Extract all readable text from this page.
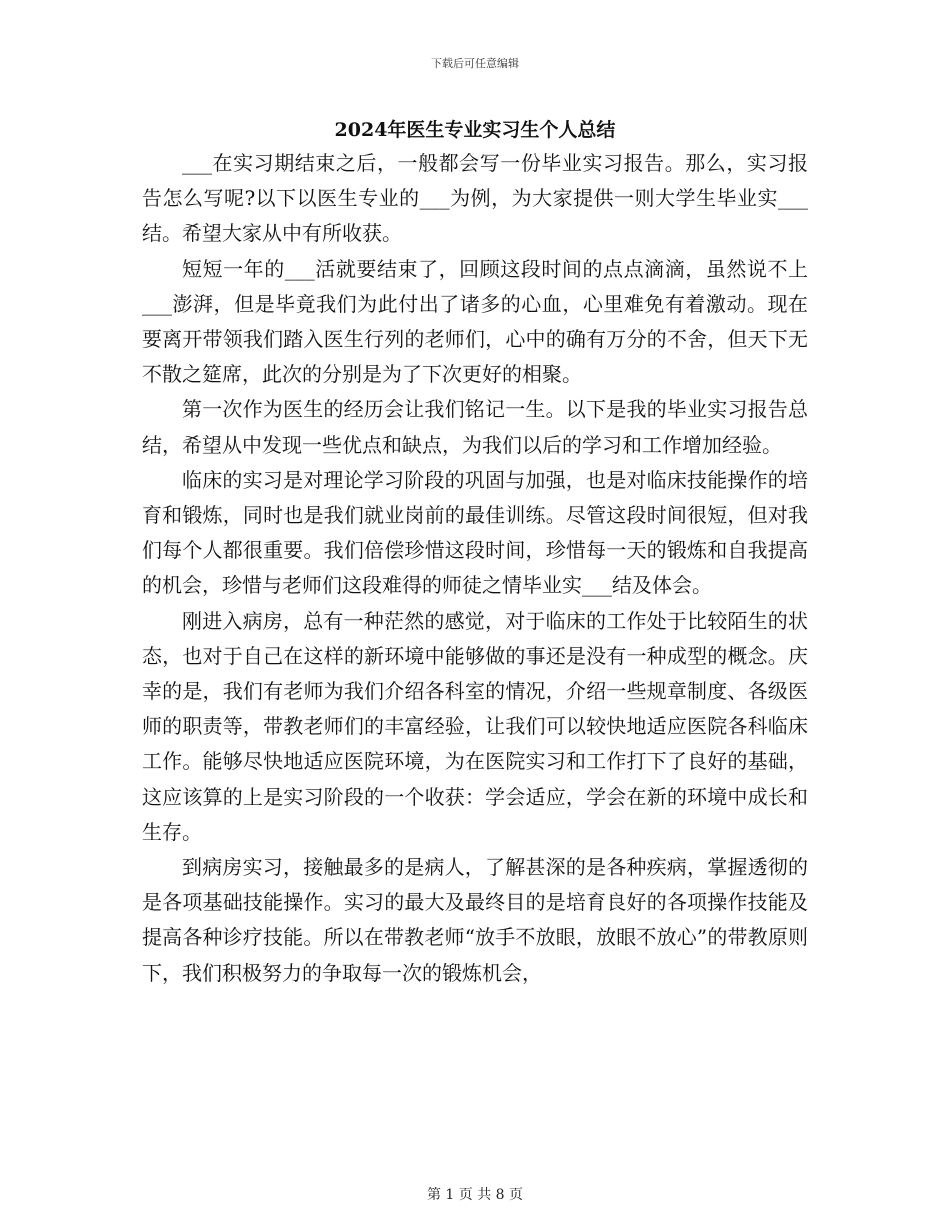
下载后可任意编辑
2024年医生专业实习生个人总结

___在实习期结束之后，一般都会写一份毕业实习报告。那么，实习报告怎么写呢?以下以医生专业的___为例，为大家提供一则大学生毕业实___结。希望大家从中有所收获。

短短一年的___活就要结束了，回顾这段时间的点点滴滴，虽然说不上___澎湃，但是毕竟我们为此付出了诸多的心血，心里难免有着激动。现在要离开带领我们踏入医生行列的老师们，心中的确有万分的不舍，但天下无不散之筵席，此次的分别是为了下次更好的相聚。

第一次作为医生的经历会让我们铭记一生。以下是我的毕业实习报告总结，希望从中发现一些优点和缺点，为我们以后的学习和工作增加经验。

临床的实习是对理论学习阶段的巩固与加强，也是对临床技能操作的培育和锻炼，同时也是我们就业岗前的最佳训练。尽管这段时间很短，但对我们每个人都很重要。我们倍偿珍惜这段时间，珍惜每一天的锻炼和自我提高的机会，珍惜与老师们这段难得的师徒之情毕业实___结及体会。

刚进入病房，总有一种茫然的感觉，对于临床的工作处于比较陌生的状态，也对于自己在这样的新环境中能够做的事还是没有一种成型的概念。庆幸的是，我们有老师为我们介绍各科室的情况，介绍一些规章制度、各级医师的职责等，带教老师们的丰富经验，让我们可以较快地适应医院各科临床工作。能够尽快地适应医院环境，为在医院实习和工作打下了良好的基础，这应该算的上是实习阶段的一个收获：学会适应，学会在新的环境中成长和生存。

到病房实习，接触最多的是病人，了解甚深的是各种疾病，掌握透彻的是各项基础技能操作。实习的最大及最终目的是培育良好的各项操作技能及提高各种诊疗技能。所以在带教老师“放手不放眼，放眼不放心”的带教原则下，我们积极努力的争取每一次的锻炼机会，

第 1 页 共 8 页
